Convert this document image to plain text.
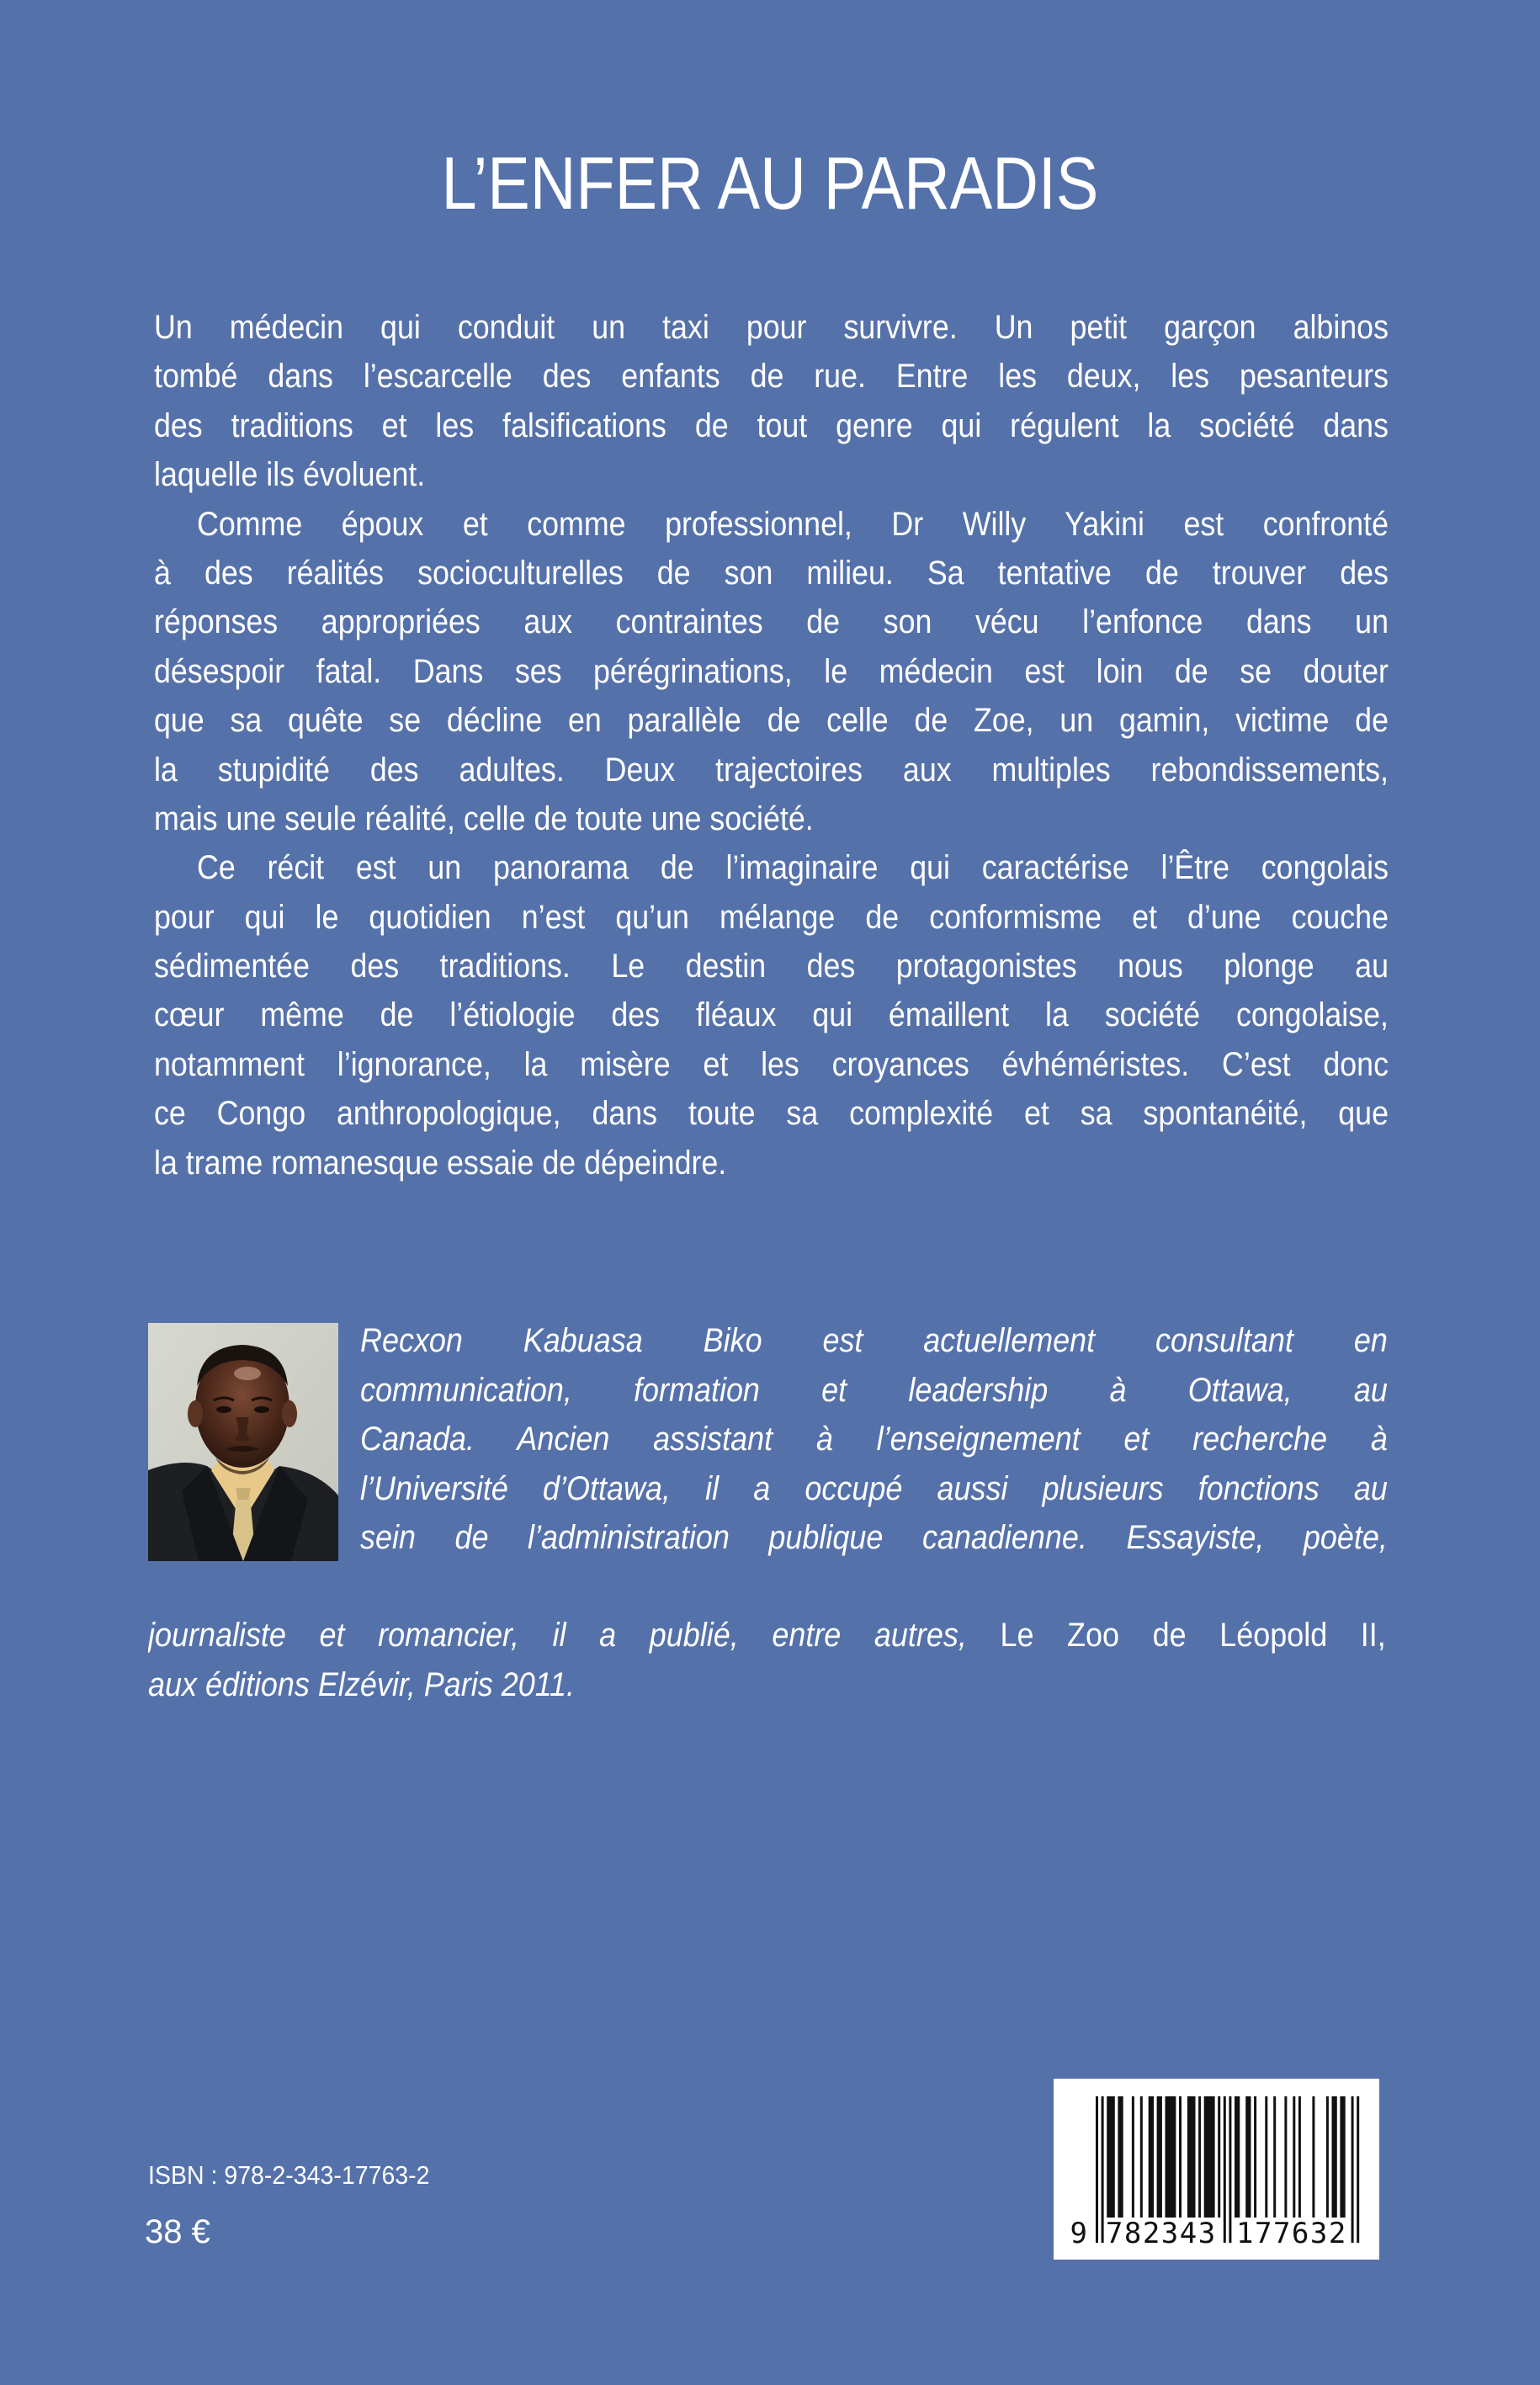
L’ENFER AU PARADIS
Un médecin qui conduit un taxi pour survivre. Un petit garçon albinos
tombé dans l’escarcelle des enfants de rue. Entre les deux, les pesanteurs
des traditions et les falsifications de tout genre qui régulent la société dans
laquelle ils évoluent.
Comme époux et comme professionnel, Dr Willy Yakini est confronté
à des réalités socioculturelles de son milieu. Sa tentative de trouver des
réponses appropriées aux contraintes de son vécu l’enfonce dans un
désespoir fatal. Dans ses pérégrinations, le médecin est loin de se douter
que sa quête se décline en parallèle de celle de Zoe, un gamin, victime de
la stupidité des adultes. Deux trajectoires aux multiples rebondissements,
mais une seule réalité, celle de toute une société.
Ce récit est un panorama de l’imaginaire qui caractérise l’Être congolais
pour qui le quotidien n’est qu’un mélange de conformisme et d’une couche
sédimentée des traditions. Le destin des protagonistes nous plonge au
cœur même de l’étiologie des fléaux qui émaillent la société congolaise,
notamment l’ignorance, la misère et les croyances évhéméristes. C’est donc
ce Congo anthropologique, dans toute sa complexité et sa spontanéité, que
la trame romanesque essaie de dépeindre.
Recxon Kabuasa Biko est actuellement consultant en
communication, formation et leadership à Ottawa, au
Canada. Ancien assistant à l’enseignement et recherche à
l’Université d’Ottawa, il a occupé aussi plusieurs fonctions au
sein de l’administration publique canadienne. Essayiste, poète,
journaliste et romancier, il a publié, entre autres, Le Zoo de Léopold II,
aux éditions Elzévir, Paris 2011.
ISBN : 978-2-343-17763-2
38 €	9 782343 177632
